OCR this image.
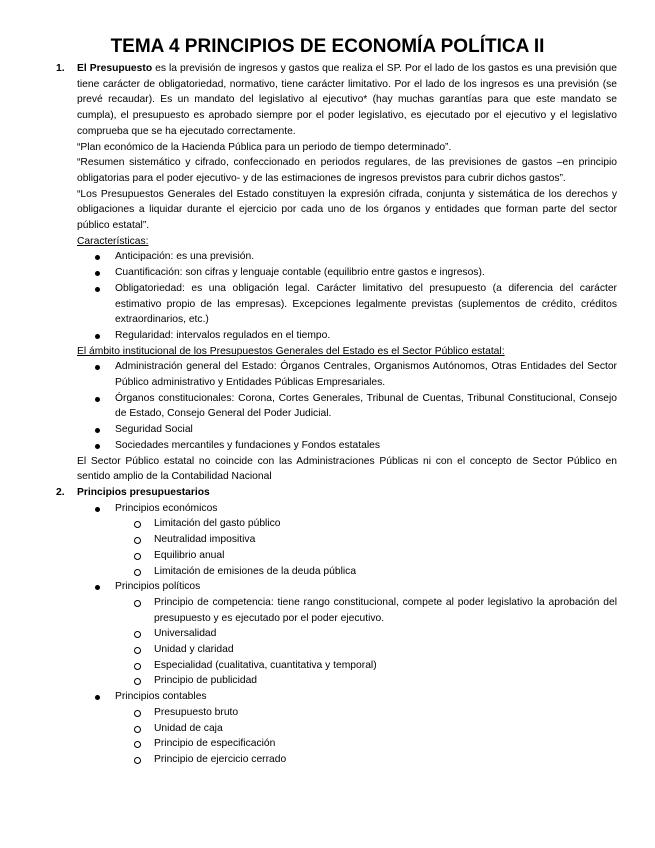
TEMA 4 PRINCIPIOS DE ECONOMÍA POLÍTICA II
1. El Presupuesto es la previsión de ingresos y gastos que realiza el SP. Por el lado de los gastos es una previsión que tiene carácter de obligatoriedad, normativo, tiene carácter limitativo. Por el lado de los ingresos es una previsión (se prevé recaudar). Es un mandato del legislativo al ejecutivo* (hay muchas garantías para que este mandato se cumpla), el presupuesto es aprobado siempre por el poder legislativo, es ejecutado por el ejecutivo y el legislativo comprueba que se ha ejecutado correctamente.

“Plan económico de la Hacienda Pública para un periodo de tiempo determinado”.

“Resumen sistemático y cifrado, confeccionado en periodos regulares, de las previsiones de gastos –en principio obligatorias para el poder ejecutivo- y de las estimaciones de ingresos previstos para cubrir dichos gastos”.

“Los Presupuestos Generales del Estado constituyen la expresión cifrada, conjunta y sistemática de los derechos y obligaciones a liquidar durante el ejercicio por cada uno de los órganos y entidades que forman parte del sector público estatal”.

Características:

Anticipación: es una previsión.
Cuantificación: son cifras y lenguaje contable (equilibrio entre gastos e ingresos).
Obligatoriedad: es una obligación legal. Carácter limitativo del presupuesto (a diferencia del carácter estimativo propio de las empresas). Excepciones legalmente previstas (suplementos de crédito, créditos extraordinarios, etc.)
Regularidad: intervalos regulados en el tiempo.

El ámbito institucional de los Presupuestos Generales del Estado es el Sector Público estatal:

Administración general del Estado: Órganos Centrales, Organismos Autónomos, Otras Entidades del Sector Público administrativo y Entidades Públicas Empresariales.
Órganos constitucionales: Corona, Cortes Generales, Tribunal de Cuentas, Tribunal Constitucional, Consejo de Estado, Consejo General del Poder Judicial.
Seguridad Social
Sociedades mercantiles y fundaciones y Fondos estatales

El Sector Público estatal no coincide con las Administraciones Públicas ni con el concepto de Sector Público en sentido amplio de la Contabilidad Nacional

2. Principios presupuestarios

Principios económicos
Limitación del gasto público
Neutralidad impositiva
Equilibrio anual
Limitación de emisiones de la deuda pública
Principios políticos
Principio de competencia: tiene rango constitucional, compete al poder legislativo la aprobación del presupuesto y es ejecutado por el poder ejecutivo.
Universalidad
Unidad y claridad
Especialidad (cualitativa, cuantitativa y temporal)
Principio de publicidad
Principios contables
Presupuesto bruto
Unidad de caja
Principio de especificación
Principio de ejercicio cerrado
